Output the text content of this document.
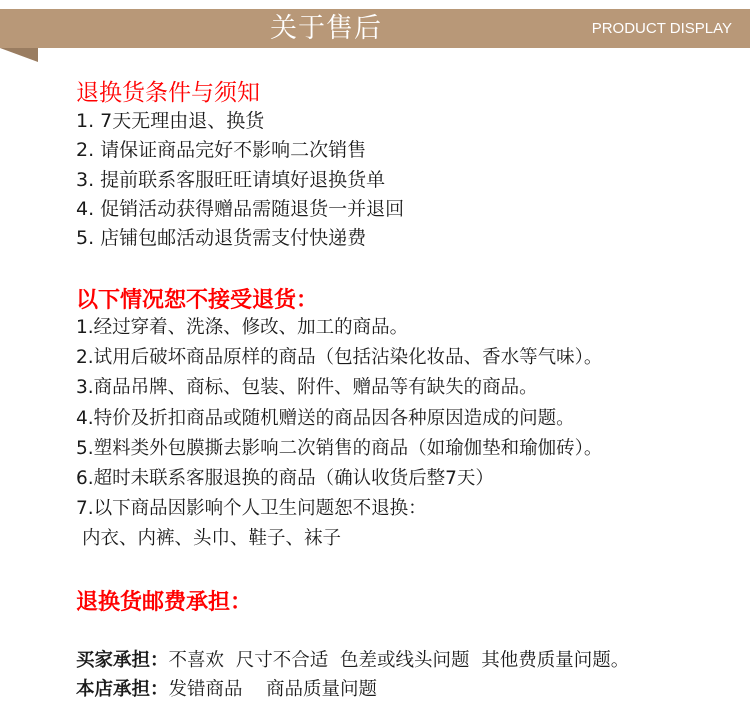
关于售后	PRODUCT DISPLAY
退换货条件与须知
1. 7天无理由退、换货
2. 请保证商品完好不影响二次销售
3. 提前联系客服旺旺请填好退换货单
4. 促销活动获得赠品需随退货一并退回
5. 店铺包邮活动退货需支付快递费
以下情况恕不接受退货：
1.经过穿着、洗涤、修改、加工的商品。
2.试用后破坏商品原样的商品（包括沾染化妆品、香水等气味）。
3.商品吊牌、商标、包装、附件、赠品等有缺失的商品。
4.特价及折扣商品或随机赠送的商品因各种原因造成的问题。
5.塑料类外包膜撕去影响二次销售的商品（如瑜伽垫和瑜伽砖）。
6.超时未联系客服退换的商品（确认收货后整7天）
7.以下商品因影响个人卫生问题恕不退换：
内衣、内裤、头巾、鞋子、袜子
退换货邮费承担：
买家承担：不喜欢  尺寸不合适  色差或线头问题  其他费质量问题。
本店承担：发错商品    商品质量问题
